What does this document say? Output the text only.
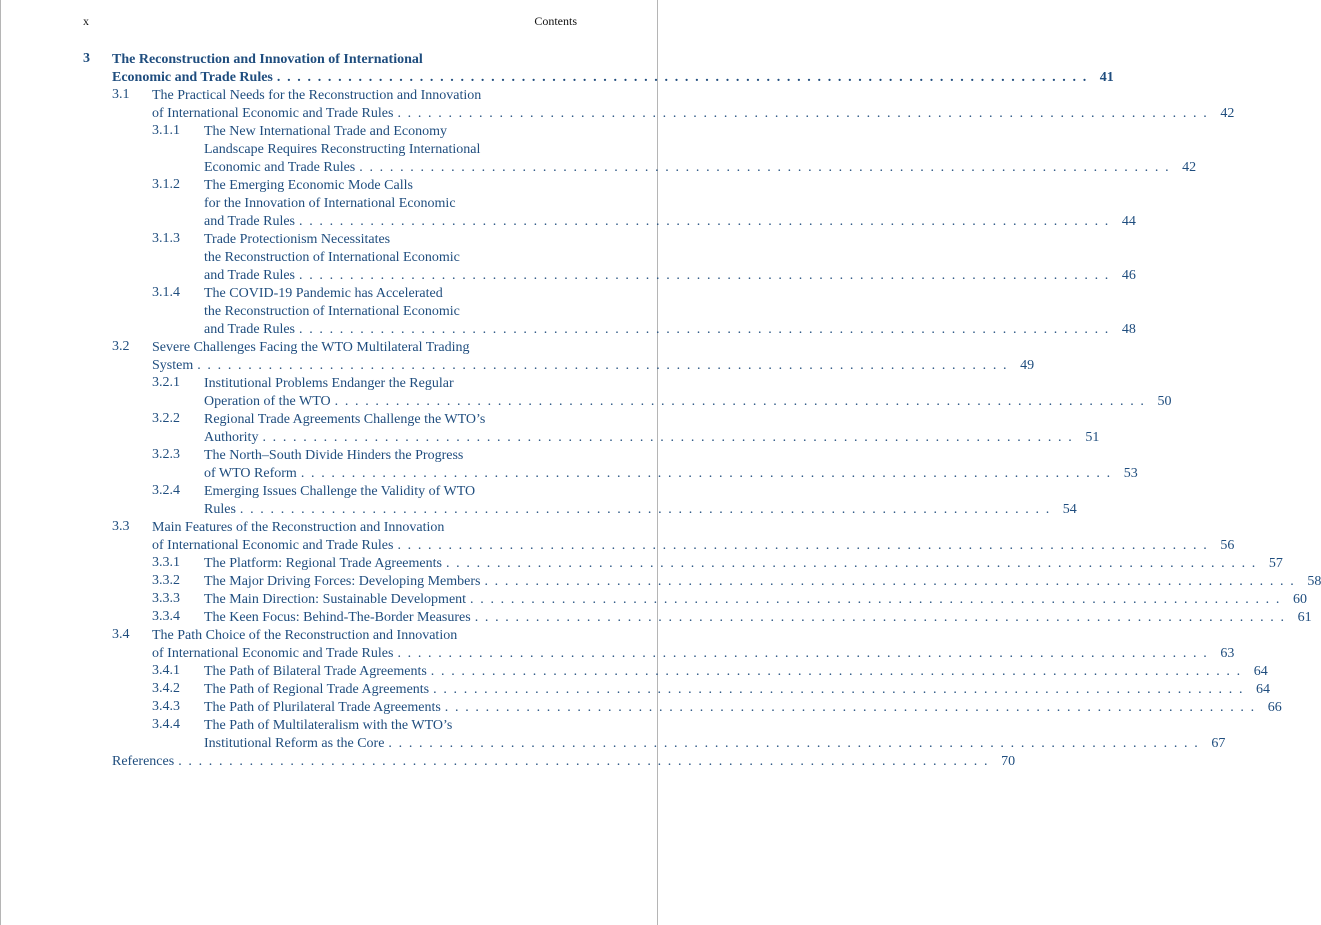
x	Contents
3 The Reconstruction and Innovation of International
Economic and Trade Rules . . . . . . . . . . . . . . . . . . . . . . . . . . . . . . . . . . . . . . . . . . . . . . . . . . . . . . . . . . . . . . . . . . . . . . . . . . . . . . . . 41
3.1 The Practical Needs for the Reconstruction and Innovation
of International Economic and Trade Rules . . . . . . . . . . . . . . . . . . . . . . . . . . . . . . . . . . . . . . . . . . . . . . . . . . . . . . . . . . . . . . . . . . . . . . . . . . . . . . . . 42
3.1.1 The New International Trade and Economy
Landscape Requires Reconstructing International
Economic and Trade Rules . . . . . . . . . . . . . . . . . . . . . . . . . . . . . . . . . . . . . . . . . . . . . . . . . . . . . . . . . . . . . . . . . . . . . . . . . . . . . . . . 42
3.1.2 The Emerging Economic Mode Calls
for the Innovation of International Economic
and Trade Rules . . . . . . . . . . . . . . . . . . . . . . . . . . . . . . . . . . . . . . . . . . . . . . . . . . . . . . . . . . . . . . . . . . . . . . . . . . . . . . . . 44
3.1.3 Trade Protectionism Necessitates
the Reconstruction of International Economic
and Trade Rules . . . . . . . . . . . . . . . . . . . . . . . . . . . . . . . . . . . . . . . . . . . . . . . . . . . . . . . . . . . . . . . . . . . . . . . . . . . . . . . . 46
3.1.4 The COVID-19 Pandemic has Accelerated
the Reconstruction of International Economic
and Trade Rules . . . . . . . . . . . . . . . . . . . . . . . . . . . . . . . . . . . . . . . . . . . . . . . . . . . . . . . . . . . . . . . . . . . . . . . . . . . . . . . . 48
3.2 Severe Challenges Facing the WTO Multilateral Trading
System . . . . . . . . . . . . . . . . . . . . . . . . . . . . . . . . . . . . . . . . . . . . . . . . . . . . . . . . . . . . . . . . . . . . . . . . . . . . . . . . 49
3.2.1 Institutional Problems Endanger the Regular
Operation of the WTO . . . . . . . . . . . . . . . . . . . . . . . . . . . . . . . . . . . . . . . . . . . . . . . . . . . . . . . . . . . . . . . . . . . . . . . . . . . . . . . . 50
3.2.2 Regional Trade Agreements Challenge the WTO’s
Authority . . . . . . . . . . . . . . . . . . . . . . . . . . . . . . . . . . . . . . . . . . . . . . . . . . . . . . . . . . . . . . . . . . . . . . . . . . . . . . . . 51
3.2.3 The North–South Divide Hinders the Progress
of WTO Reform . . . . . . . . . . . . . . . . . . . . . . . . . . . . . . . . . . . . . . . . . . . . . . . . . . . . . . . . . . . . . . . . . . . . . . . . . . . . . . . . 53
3.2.4 Emerging Issues Challenge the Validity of WTO
Rules . . . . . . . . . . . . . . . . . . . . . . . . . . . . . . . . . . . . . . . . . . . . . . . . . . . . . . . . . . . . . . . . . . . . . . . . . . . . . . . . 54
3.3 Main Features of the Reconstruction and Innovation
of International Economic and Trade Rules . . . . . . . . . . . . . . . . . . . . . . . . . . . . . . . . . . . . . . . . . . . . . . . . . . . . . . . . . . . . . . . . . . . . . . . . . . . . . . . . 56
3.3.1 The Platform: Regional Trade Agreements . . . . . . . . . . . . . . . . . . . . . . . . . . . . . . . . . . . . . . . . . . . . . . . . . . . . . . . . . . . . . . . . . . . . . . . . . . . . . . . . 57
3.3.2 The Major Driving Forces: Developing Members . . . . . . . . . . . . . . . . . . . . . . . . . . . . . . . . . . . . . . . . . . . . . . . . . . . . . . . . . . . . . . . . . . . . . . . . . . . . . . . . 58
3.3.3 The Main Direction: Sustainable Development . . . . . . . . . . . . . . . . . . . . . . . . . . . . . . . . . . . . . . . . . . . . . . . . . . . . . . . . . . . . . . . . . . . . . . . . . . . . . . . . 60
3.3.4 The Keen Focus: Behind-The-Border Measures . . . . . . . . . . . . . . . . . . . . . . . . . . . . . . . . . . . . . . . . . . . . . . . . . . . . . . . . . . . . . . . . . . . . . . . . . . . . . . . . 61
3.4 The Path Choice of the Reconstruction and Innovation
of International Economic and Trade Rules . . . . . . . . . . . . . . . . . . . . . . . . . . . . . . . . . . . . . . . . . . . . . . . . . . . . . . . . . . . . . . . . . . . . . . . . . . . . . . . . 63
3.4.1 The Path of Bilateral Trade Agreements . . . . . . . . . . . . . . . . . . . . . . . . . . . . . . . . . . . . . . . . . . . . . . . . . . . . . . . . . . . . . . . . . . . . . . . . . . . . . . . . 64
3.4.2 The Path of Regional Trade Agreements . . . . . . . . . . . . . . . . . . . . . . . . . . . . . . . . . . . . . . . . . . . . . . . . . . . . . . . . . . . . . . . . . . . . . . . . . . . . . . . . 64
3.4.3 The Path of Plurilateral Trade Agreements . . . . . . . . . . . . . . . . . . . . . . . . . . . . . . . . . . . . . . . . . . . . . . . . . . . . . . . . . . . . . . . . . . . . . . . . . . . . . . . . 66
3.4.4 The Path of Multilateralism with the WTO’s
Institutional Reform as the Core . . . . . . . . . . . . . . . . . . . . . . . . . . . . . . . . . . . . . . . . . . . . . . . . . . . . . . . . . . . . . . . . . . . . . . . . . . . . . . . . 67
References . . . . . . . . . . . . . . . . . . . . . . . . . . . . . . . . . . . . . . . . . . . . . . . . . . . . . . . . . . . . . . . . . . . . . . . . . . . . . . . . 70
